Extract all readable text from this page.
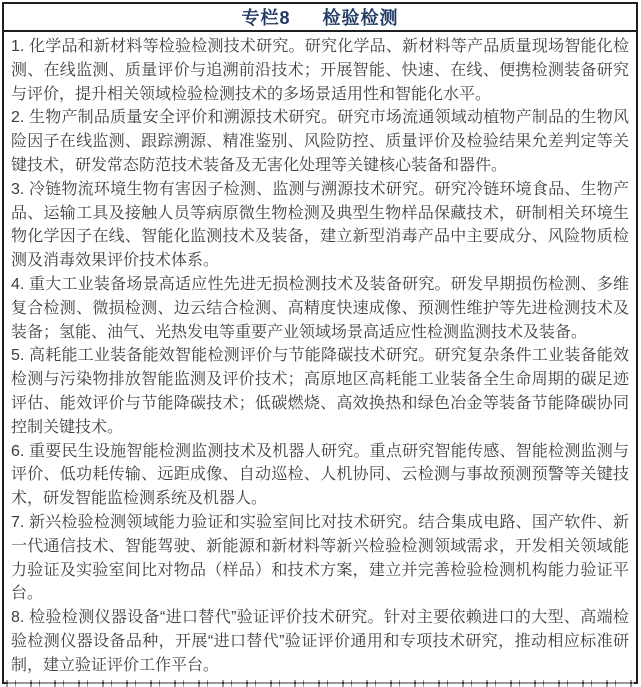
专栏8 检验检测

1. 化学品和新材料等检验检测技术研究。研究化学品、新材料等产品质量现场智能化检测、在线监测、质量评价与追溯前沿技术；开展智能、快速、在线、便携检测装备研究与评价，提升相关领域检验检测技术的多场景适用性和智能化水平。

2. 生物产制品质量安全评价和溯源技术研究。研究市场流通领域动植物产制品的生物风险因子在线监测、跟踪溯源、精准鉴别、风险防控、质量评价及检验结果允差判定等关键技术，研发常态防范技术装备及无害化处理等关键核心装备和器件。

3. 冷链物流环境生物有害因子检测、监测与溯源技术研究。研究冷链环境食品、生物产品、运输工具及接触人员等病原微生物检测及典型生物样品保藏技术，研制相关环境生物化学因子在线、智能化监测技术及装备，建立新型消毒产品中主要成分、风险物质检测及消毒效果评价技术体系。

4. 重大工业装备场景高适应性先进无损检测技术及装备研究。研发早期损伤检测、多维复合检测、微损检测、边云结合检测、高精度快速成像、预测性维护等先进检测技术及装备；氢能、油气、光热发电等重要产业领域场景高适应性检测监测技术及装备。

5. 高耗能工业装备能效智能检测评价与节能降碳技术研究。研究复杂条件工业装备能效检测与污染物排放智能监测及评价技术；高原地区高耗能工业装备全生命周期的碳足迹评估、能效评价与节能降碳技术；低碳燃烧、高效换热和绿色冶金等装备节能降碳协同控制关键技术。

6. 重要民生设施智能检测监测技术及机器人研究。重点研究智能传感、智能检测监测与评价、低功耗传输、远距成像、自动巡检、人机协同、云检测与事故预测预警等关键技术，研发智能监检测系统及机器人。

7. 新兴检验检测领域能力验证和实验室间比对技术研究。结合集成电路、国产软件、新一代通信技术、智能驾驶、新能源和新材料等新兴检验检测领域需求，开发相关领域能力验证及实验室间比对物品（样品）和技术方案，建立并完善检验检测机构能力验证平台。

8. 检验检测仪器设备“进口替代”验证评价技术研究。针对主要依赖进口的大型、高端检验检测仪器设备品种，开展“进口替代”验证评价通用和专项技术研究，推动相应标准研制，建立验证评价工作平台。
